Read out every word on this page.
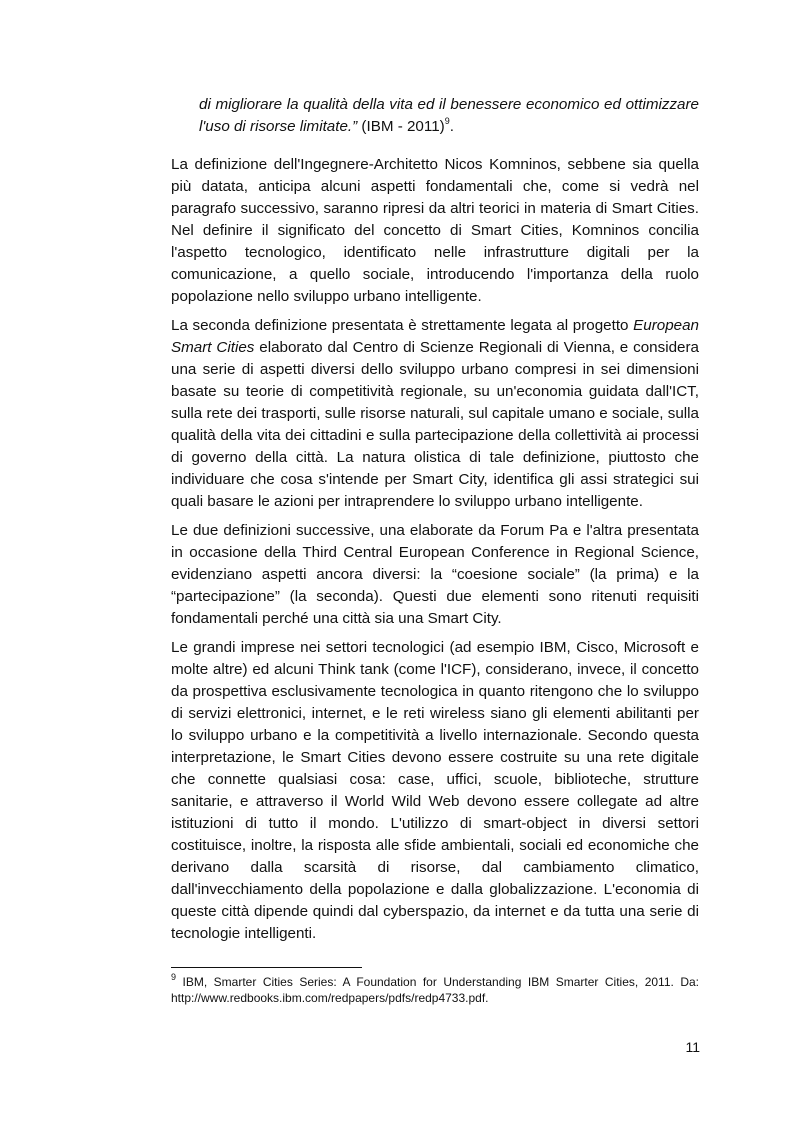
di migliorare la qualità della vita ed il benessere economico ed ottimizzare l'uso di risorse limitate.” (IBM - 2011)$^9$.

La definizione dell'Ingegnere-Architetto Nicos Komninos, sebbene sia quella più datata, anticipa alcuni aspetti fondamentali che, come si vedrà nel paragrafo successivo, saranno ripresi da altri teorici in materia di Smart Cities. Nel definire il significato del concetto di Smart Cities, Komninos concilia l'aspetto tecnologico, identificato nelle infrastrutture digitali per la comunicazione, a quello sociale, introducendo l'importanza della ruolo popolazione nello sviluppo urbano intelligente.

La seconda definizione presentata è strettamente legata al progetto European Smart Cities elaborato dal Centro di Scienze Regionali di Vienna, e considera una serie di aspetti diversi dello sviluppo urbano compresi in sei dimensioni basate su teorie di competitività regionale, su un'economia guidata dall'ICT, sulla rete dei trasporti, sulle risorse naturali, sul capitale umano e sociale, sulla qualità della vita dei cittadini e sulla partecipazione della collettività ai processi di governo della città. La natura olistica di tale definizione, piuttosto che individuare che cosa s'intende per Smart City, identifica gli assi strategici sui quali basare le azioni per intraprendere lo sviluppo urbano intelligente.

Le due definizioni successive, una elaborate da Forum Pa e l'altra presentata in occasione della Third Central European Conference in Regional Science, evidenziano aspetti ancora diversi: la “coesione sociale” (la prima) e la “partecipazione” (la seconda). Questi due elementi sono ritenuti requisiti fondamentali perché una città sia una Smart City.

Le grandi imprese nei settori tecnologici (ad esempio IBM, Cisco, Microsoft e molte altre) ed alcuni Think tank (come l'ICF), considerano, invece, il concetto da prospettiva esclusivamente tecnologica in quanto ritengono che lo sviluppo di servizi elettronici, internet, e le reti wireless siano gli elementi abilitanti per lo sviluppo urbano e la competitività a livello internazionale. Secondo questa interpretazione, le Smart Cities devono essere costruite su una rete digitale che connette qualsiasi cosa: case, uffici, scuole, biblioteche, strutture sanitarie, e attraverso il World Wild Web devono essere collegate ad altre istituzioni di tutto il mondo. L'utilizzo di smart-object in diversi settori costituisce, inoltre, la risposta alle sfide ambientali, sociali ed economiche che derivano dalla scarsità di risorse, dal cambiamento climatico, dall'invecchiamento della popolazione e dalla globalizzazione. L'economia di queste città dipende quindi dal cyberspazio, da internet e da tutta una serie di tecnologie intelligenti.

$^9$ IBM, Smarter Cities Series: A Foundation for Understanding IBM Smarter Cities, 2011. Da: http://www.redbooks.ibm.com/redpapers/pdfs/redp4733.pdf.
11
